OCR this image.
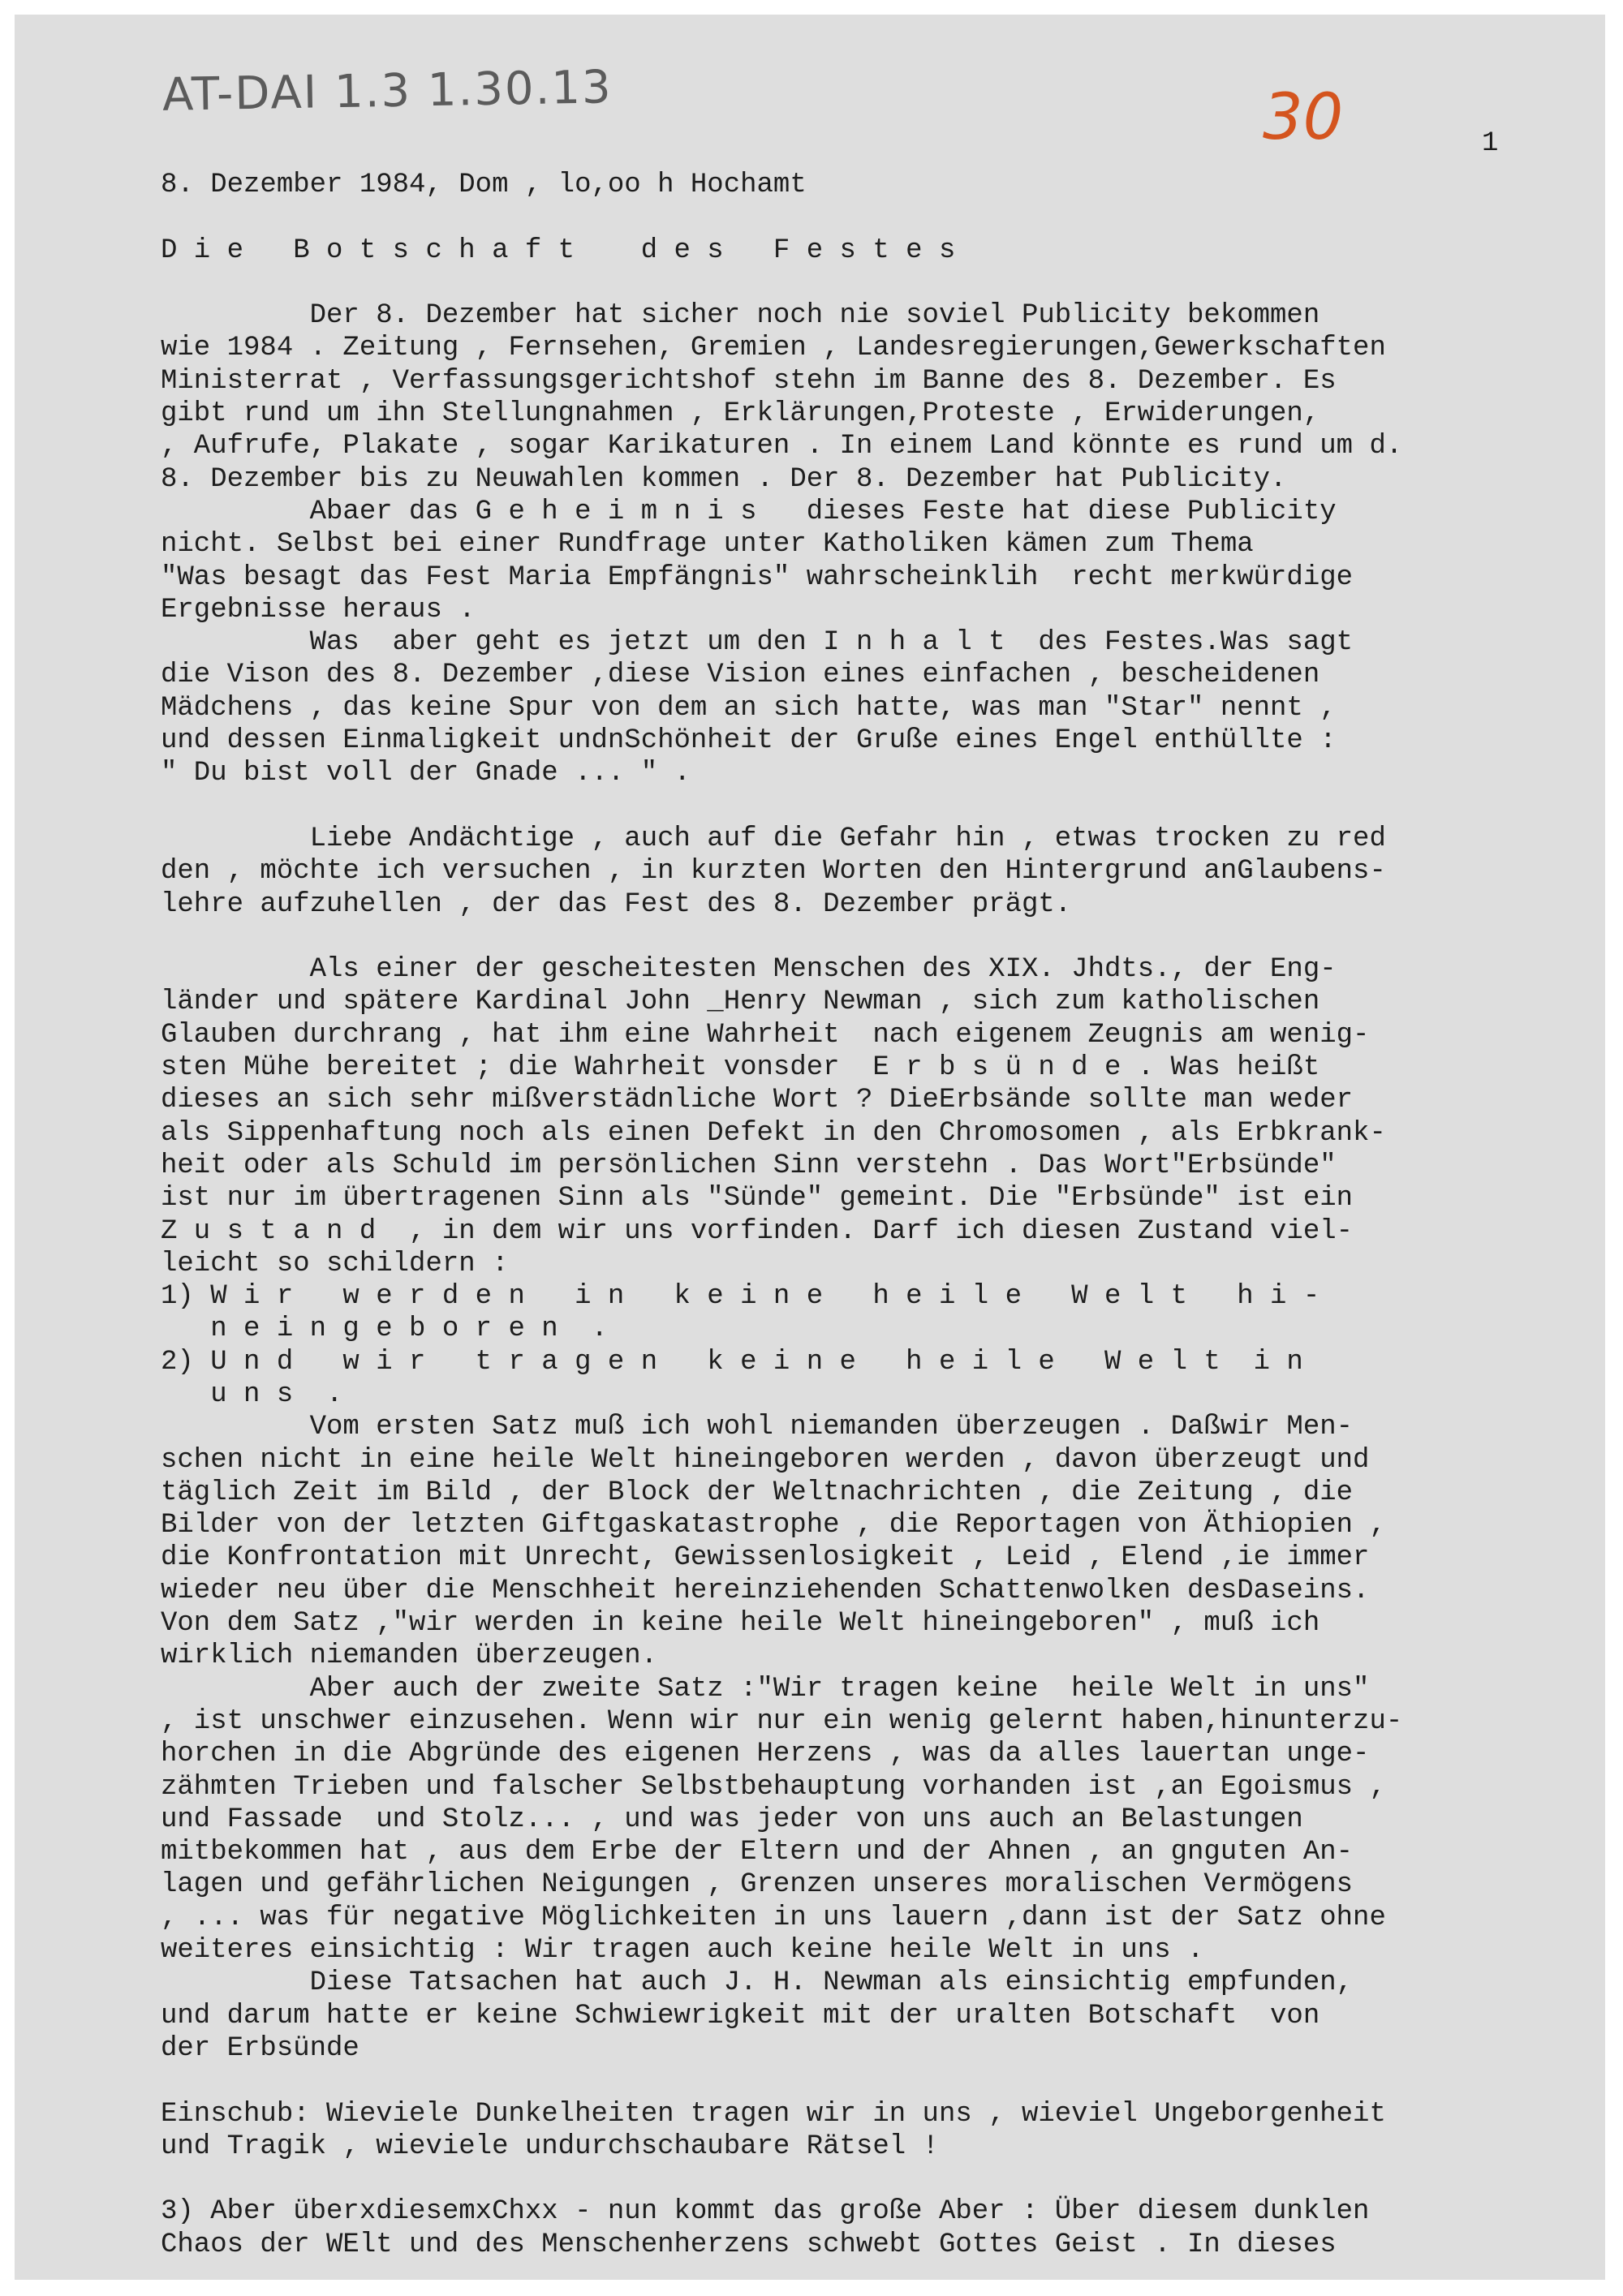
AT-DAI 1.3 1.30.13	30	1
8. Dezember 1984, Dom , lo,oo h Hochamt
D i e   B o t s c h a f t    d e s   F e s t e s
Der 8. Dezember hat sicher noch nie soviel Publicity bekommen
wie 1984 . Zeitung , Fernsehen, Gremien , Landesregierungen,Gewerkschaften
Ministerrat , Verfassungsgerichtshof stehn im Banne des 8. Dezember. Es
gibt rund um ihn Stellungnahmen , Erklärungen,Proteste , Erwiderungen,
, Aufrufe, Plakate , sogar Karikaturen . In einem Land könnte es rund um d.
8. Dezember bis zu Neuwahlen kommen . Der 8. Dezember hat Publicity.
Abaer das G e h e i m n i s   dieses Feste hat diese Publicity
nicht. Selbst bei einer Rundfrage unter Katholiken kämen zum Thema
"Was besagt das Fest Maria Empfängnis" wahrscheinklih  recht merkwürdige
Ergebnisse heraus .
Was  aber geht es jetzt um den I n h a l t  des Festes.Was sagt
die Vison des 8. Dezember ,diese Vision eines einfachen , bescheidenen
Mädchens , das keine Spur von dem an sich hatte, was man "Star" nennt ,
und dessen Einmaligkeit undnSchönheit der Gruße eines Engel enthüllte :
" Du bist voll der Gnade ... " .
Liebe Andächtige , auch auf die Gefahr hin , etwas trocken zu red
den , möchte ich versuchen , in kurzten Worten den Hintergrund anGlaubens-
lehre aufzuhellen , der das Fest des 8. Dezember prägt.
Als einer der gescheitesten Menschen des XIX. Jhdts., der Eng-
länder und spätere Kardinal John _Henry Newman , sich zum katholischen
Glauben durchrang , hat ihm eine Wahrheit  nach eigenem Zeugnis am wenig-
sten Mühe bereitet ; die Wahrheit vonsder  E r b s ü n d e . Was heißt
dieses an sich sehr mißverstädnliche Wort ? DieErbsände sollte man weder
als Sippenhaftung noch als einen Defekt in den Chromosomen , als Erbkrank-
heit oder als Schuld im persönlichen Sinn verstehn . Das Wort"Erbsünde"
ist nur im übertragenen Sinn als "Sünde" gemeint. Die "Erbsünde" ist ein
Z u s t a n d  , in dem wir uns vorfinden. Darf ich diesen Zustand viel-
leicht so schildern :
1) W i r   w e r d e n   i n   k e i n e   h e i l e   W e l t   h i -
n e i n g e b o r e n  .
2) U n d   w i r   t r a g e n   k e i n e   h e i l e   W e l t  i n
u n s  .
Vom ersten Satz muß ich wohl niemanden überzeugen . Daßwir Men-
schen nicht in eine heile Welt hineingeboren werden , davon überzeugt und
täglich Zeit im Bild , der Block der Weltnachrichten , die Zeitung , die
Bilder von der letzten Giftgaskatastrophe , die Reportagen von Äthiopien ,
die Konfrontation mit Unrecht, Gewissenlosigkeit , Leid , Elend ,ie immer
wieder neu über die Menschheit hereinziehenden Schattenwolken desDaseins.
Von dem Satz ,"wir werden in keine heile Welt hineingeboren" , muß ich
wirklich niemanden überzeugen.
Aber auch der zweite Satz :"Wir tragen keine  heile Welt in uns"
, ist unschwer einzusehen. Wenn wir nur ein wenig gelernt haben,hinunterzu-
horchen in die Abgründe des eigenen Herzens , was da alles lauertan unge-
zähmten Trieben und falscher Selbstbehauptung vorhanden ist ,an Egoismus ,
und Fassade  und Stolz... , und was jeder von uns auch an Belastungen
mitbekommen hat , aus dem Erbe der Eltern und der Ahnen , an gnguten An-
lagen und gefährlichen Neigungen , Grenzen unseres moralischen Vermögens
, ... was für negative Möglichkeiten in uns lauern ,dann ist der Satz ohne
weiteres einsichtig : Wir tragen auch keine heile Welt in uns .
Diese Tatsachen hat auch J. H. Newman als einsichtig empfunden,
und darum hatte er keine Schwiewrigkeit mit der uralten Botschaft  von
der Erbsünde
Einschub: Wieviele Dunkelheiten tragen wir in uns , wieviel Ungeborgenheit
und Tragik , wieviele undurchschaubare Rätsel !
3) Aber überxdiesemxChxx - nun kommt das große Aber : Über diesem dunklen
Chaos der WElt und des Menschenherzens schwebt Gottes Geist . In dieses
